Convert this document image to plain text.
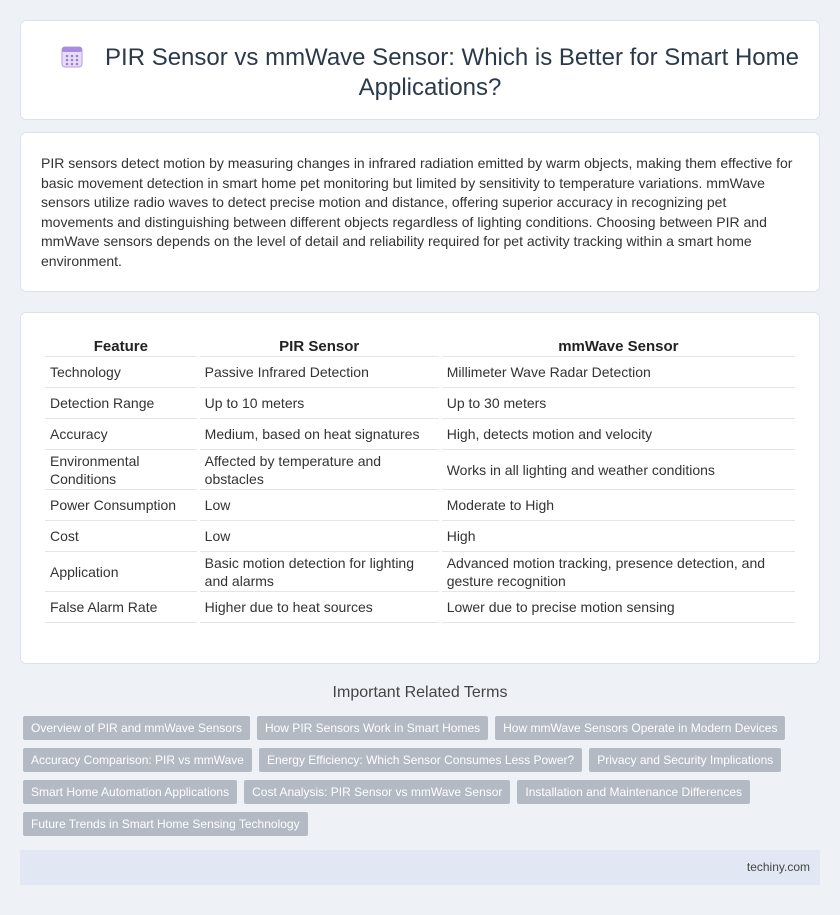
PIR Sensor vs mmWave Sensor: Which is Better for Smart Home Applications?

PIR sensors detect motion by measuring changes in infrared radiation emitted by warm objects, making them effective for basic movement detection in smart home pet monitoring but limited by sensitivity to temperature variations. mmWave sensors utilize radio waves to detect precise motion and distance, offering superior accuracy in recognizing pet movements and distinguishing between different objects regardless of lighting conditions. Choosing between PIR and mmWave sensors depends on the level of detail and reliability required for pet activity tracking within a smart home environment.

Feature	PIR Sensor	mmWave Sensor
Technology	Passive Infrared Detection	Millimeter Wave Radar Detection
Detection Range	Up to 10 meters	Up to 30 meters
Accuracy	Medium, based on heat signatures	High, detects motion and velocity
Environmental Conditions	Affected by temperature and obstacles	Works in all lighting and weather conditions
Power Consumption	Low	Moderate to High
Cost	Low	High
Application	Basic motion detection for lighting and alarms	Advanced motion tracking, presence detection, and gesture recognition
False Alarm Rate	Higher due to heat sources	Lower due to precise motion sensing
Important Related Terms
Overview of PIR and mmWave Sensors How PIR Sensors Work in Smart Homes How mmWave Sensors Operate in Modern Devices
Accuracy Comparison: PIR vs mmWave Energy Efficiency: Which Sensor Consumes Less Power? Privacy and Security Implications
Smart Home Automation Applications Cost Analysis: PIR Sensor vs mmWave Sensor Installation and Maintenance Differences
Future Trends in Smart Home Sensing Technology
techiny.com
